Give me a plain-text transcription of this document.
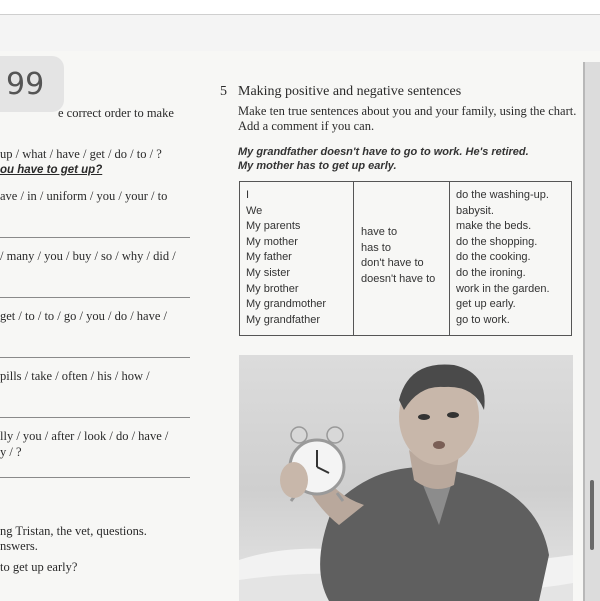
99
e correct order to make
up / what / have / get / do / to / ?
ou have to get up?
ave / in / uniform / you / your / to
/ many / you / buy / so / why / did /
get / to / to / go / you / do / have /
pills / take / often / his / how /
lly / you / after / look / do / have /
y / ?
ng Tristan, the vet, questions.
nswers.
to get up early?
5 Making positive and negative sentences
Make ten true sentences about you and your family, using the chart. Add a comment if you can.
My grandfather doesn't have to go to work. He's retired.
My mother has to get up early.
I
We
My parents
My mother
My father
My sister
My brother
My grandmother
My grandfather
have to
has to
don't have to
doesn't have to
do the washing-up.
babysit.
make the beds.
do the shopping.
do the cooking.
do the ironing.
work in the garden.
get up early.
go to work.
